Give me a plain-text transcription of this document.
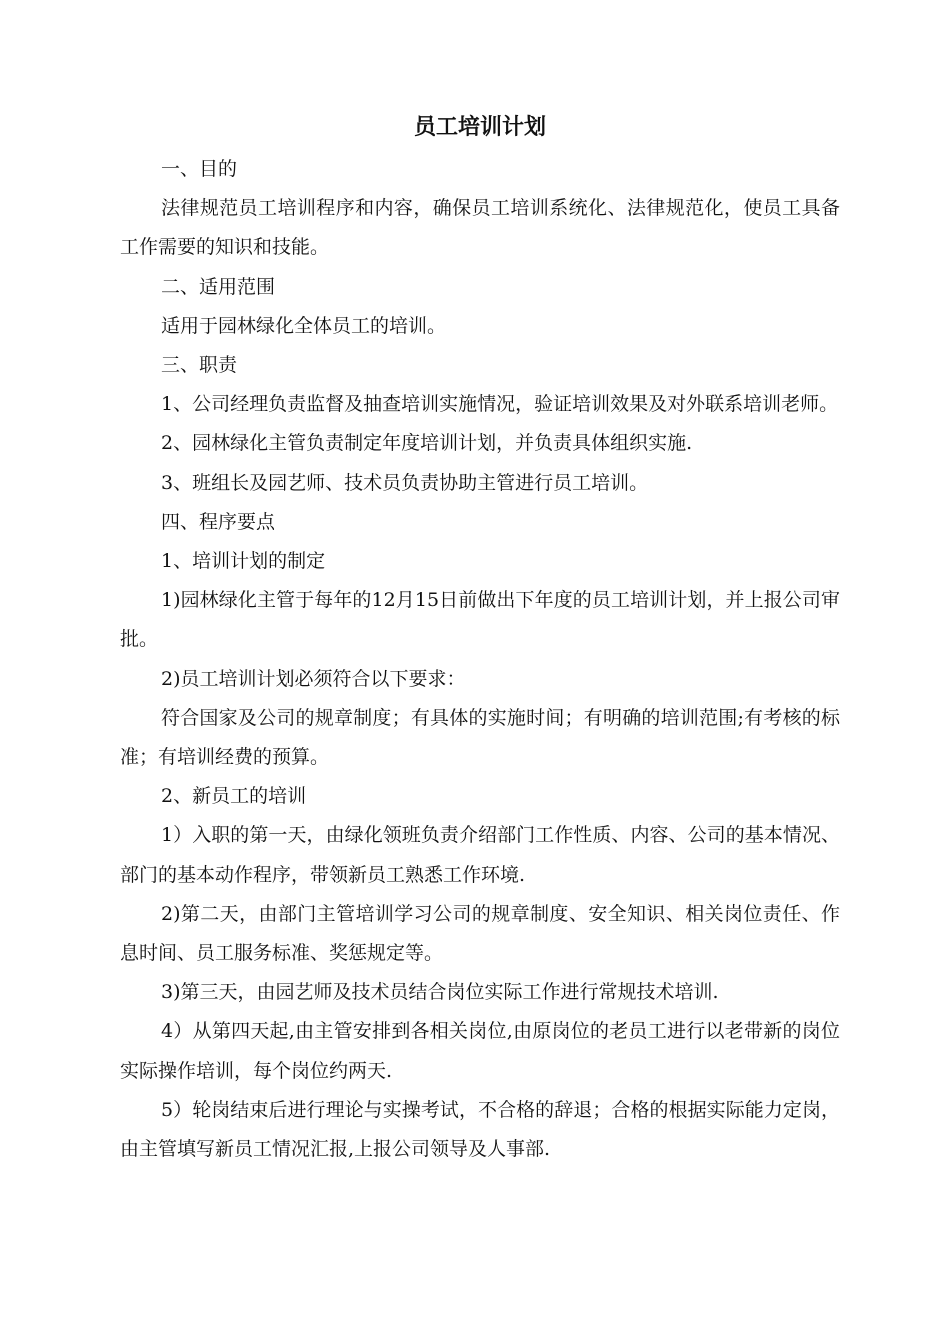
员工培训计划

一、目的

法律规范员工培训程序和内容，确保员工培训系统化、法律规范化，使员工具备工作需要的知识和技能。

二、适用范围

适用于园林绿化全体员工的培训。

三、职责

1、公司经理负责监督及抽查培训实施情况，验证培训效果及对外联系培训老师。

2、园林绿化主管负责制定年度培训计划，并负责具体组织实施.

3、班组长及园艺师、技术员负责协助主管进行员工培训。

四、程序要点

1、培训计划的制定

1)园林绿化主管于每年的12月15日前做出下年度的员工培训计划，并上报公司审批。

2)员工培训计划必须符合以下要求：

符合国家及公司的规章制度；有具体的实施时间；有明确的培训范围;有考核的标准；有培训经费的预算。

2、新员工的培训

1）入职的第一天，由绿化领班负责介绍部门工作性质、内容、公司的基本情况、部门的基本动作程序，带领新员工熟悉工作环境.

2)第二天，由部门主管培训学习公司的规章制度、安全知识、相关岗位责任、作息时间、员工服务标准、奖惩规定等。

3)第三天，由园艺师及技术员结合岗位实际工作进行常规技术培训.

4）从第四天起,由主管安排到各相关岗位,由原岗位的老员工进行以老带新的岗位实际操作培训，每个岗位约两天.

5）轮岗结束后进行理论与实操考试，不合格的辞退；合格的根据实际能力定岗，由主管填写新员工情况汇报,上报公司领导及人事部.
